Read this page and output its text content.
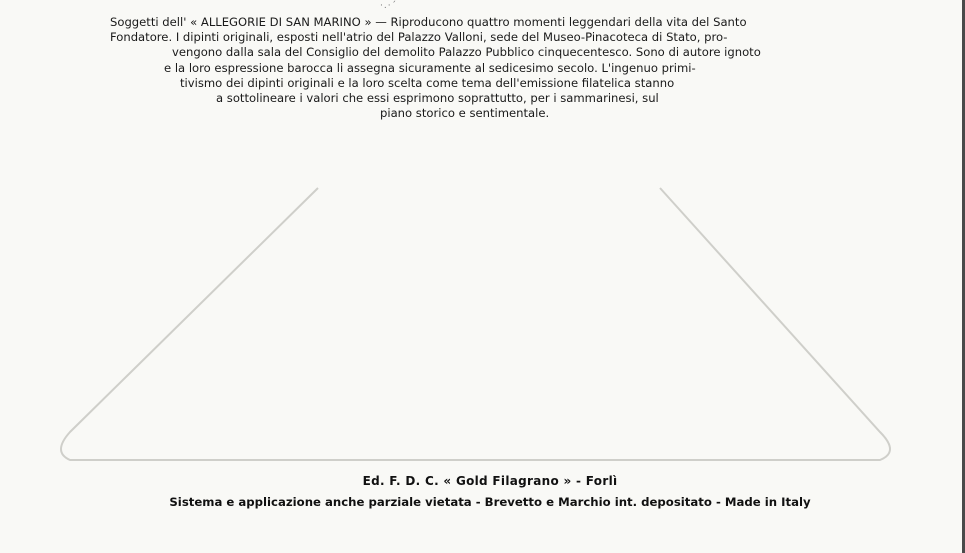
·.·´
Soggetti dell' « ALLEGORIE DI SAN MARINO » — Riproducono quattro momenti leggendari della vita del Santo
Fondatore. I dipinti originali, esposti nell'atrio del Palazzo Valloni, sede del Museo-Pinacoteca di Stato, pro-
vengono dalla sala del Consiglio del demolito Palazzo Pubblico cinquecentesco. Sono di autore ignoto
e la loro espressione barocca li assegna sicuramente al sedicesimo secolo. L'ingenuo primi-
tivismo dei dipinti originali e la loro scelta come tema dell'emissione filatelica stanno
a sottolineare i valori che essi esprimono soprattutto, per i sammarinesi, sul
piano storico e sentimentale.
Ed. F. D. C. « Gold Filagrano » - Forlì
Sistema e applicazione anche parziale vietata - Brevetto e Marchio int. depositato - Made in Italy
